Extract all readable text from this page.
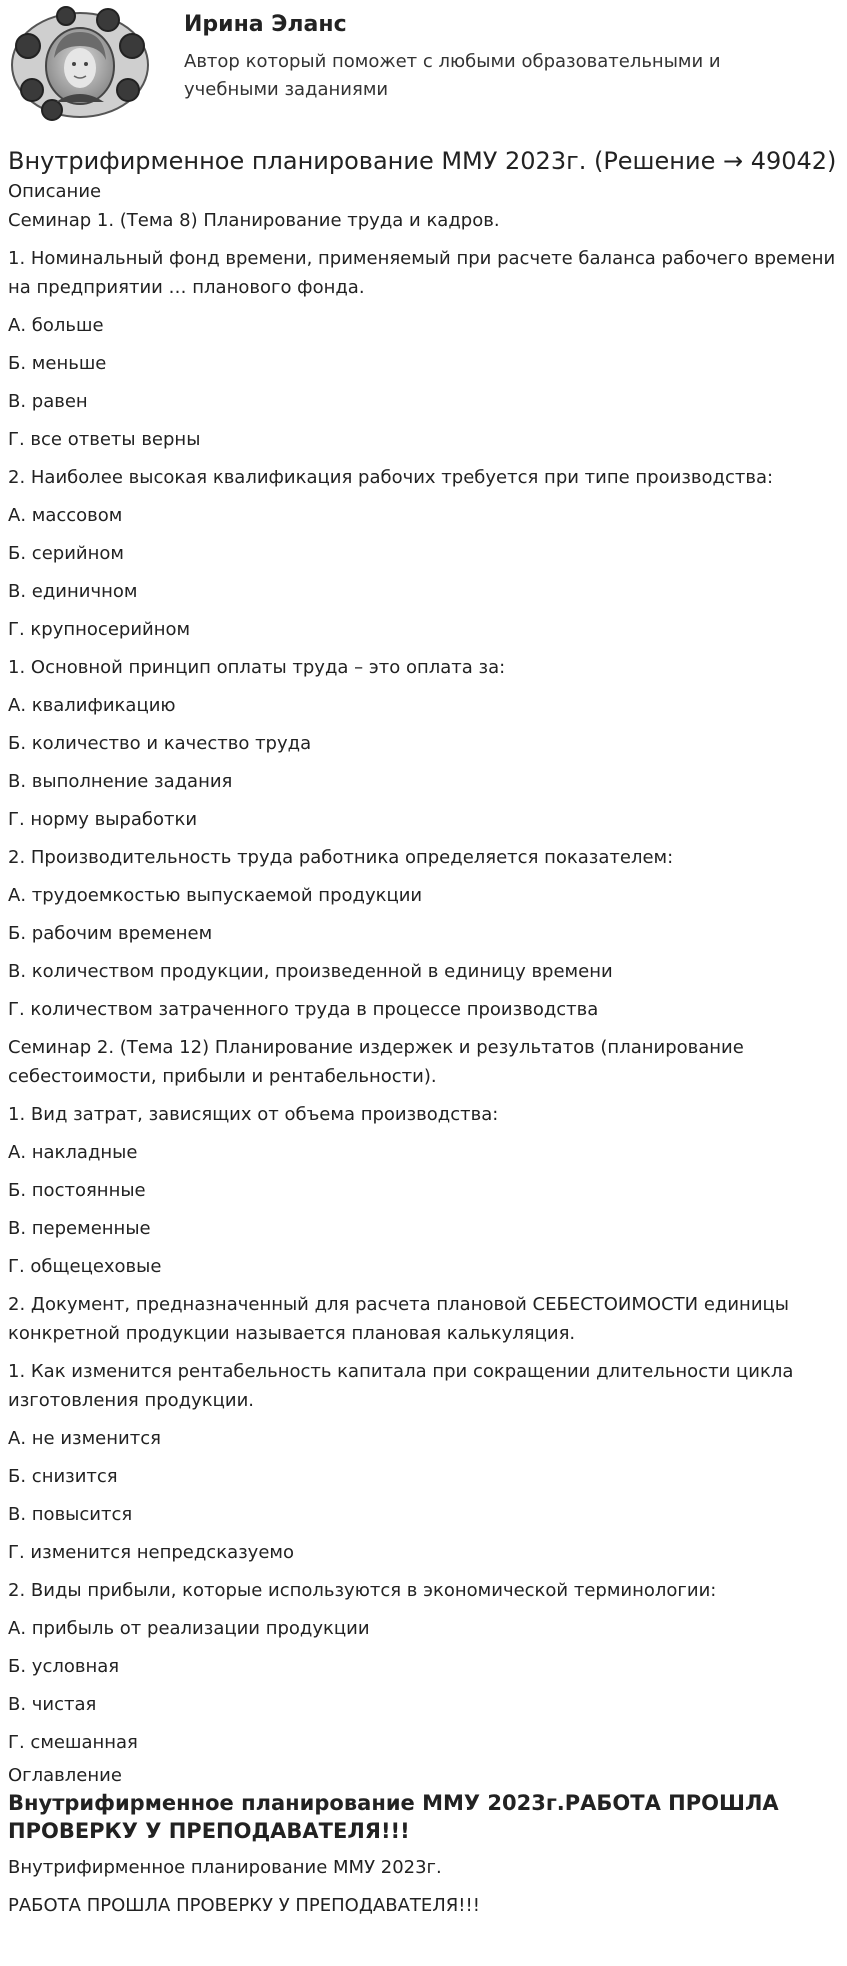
Ирина Эланс

Автор который поможет с любыми образовательными и учебными заданиями

Внутрифирменное планирование ММУ 2023г. (Решение → 49042)
Описание

Семинар 1. (Тема 8) Планирование труда и кадров.

1. Номинальный фонд времени, применяемый при расчете баланса рабочего времени на предприятии … планового фонда.

А. больше

Б. меньше

В. равен

Г. все ответы верны

2. Наиболее высокая квалификация рабочих требуется при типе производства:

А. массовом

Б. серийном

В. единичном

Г. крупносерийном

1. Основной принцип оплаты труда – это оплата за:

А. квалификацию

Б. количество и качество труда

В. выполнение задания

Г. норму выработки

2. Производительность труда работника определяется показателем:

А. трудоемкостью выпускаемой продукции

Б. рабочим временем

В. количеством продукции, произведенной в единицу времени

Г. количеством затраченного труда в процессе производства

Семинар 2. (Тема 12) Планирование издержек и результатов (планирование себестоимости, прибыли и рентабельности).

1. Вид затрат, зависящих от объема производства:

А. накладные

Б. постоянные

В. переменные

Г. общецеховые

2. Документ, предназначенный для расчета плановой СЕБЕСТОИМОСТИ единицы конкретной продукции называется плановая калькуляция.

1. Как изменится рентабельность капитала при сокращении длительности цикла изготовления продукции.

А. не изменится

Б. снизится

В. повысится

Г. изменится непредсказуемо

2. Виды прибыли, которые используются в экономической терминологии:

А. прибыль от реализации продукции

Б. условная

В. чистая

Г. смешанная

Оглавление
Внутрифирменное планирование ММУ 2023г.РАБОТА ПРОШЛА ПРОВЕРКУ У ПРЕПОДАВАТЕЛЯ!!!

Внутрифирменное планирование ММУ 2023г.

РАБОТА ПРОШЛА ПРОВЕРКУ У ПРЕПОДАВАТЕЛЯ!!!
